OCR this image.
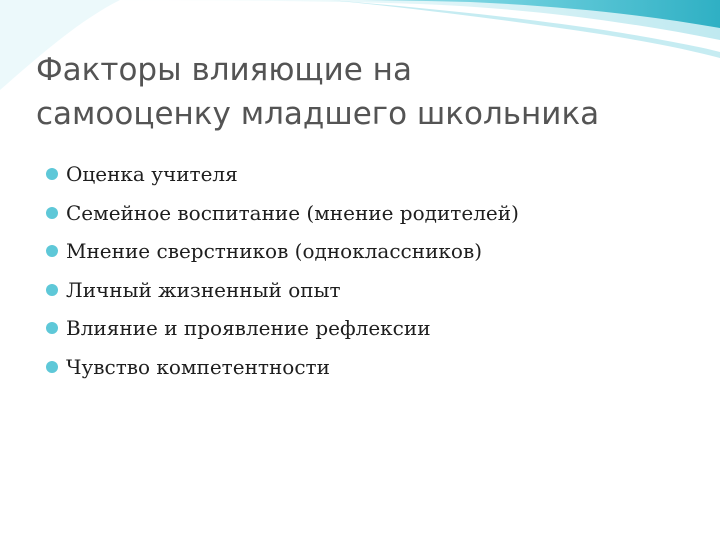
Факторы влияющие на
самооценку младшего школьника
Оценка учителя
Семейное воспитание (мнение родителей)
Мнение сверстников (одноклассников)
Личный жизненный опыт
Влияние и проявление рефлексии
Чувство компетентности
